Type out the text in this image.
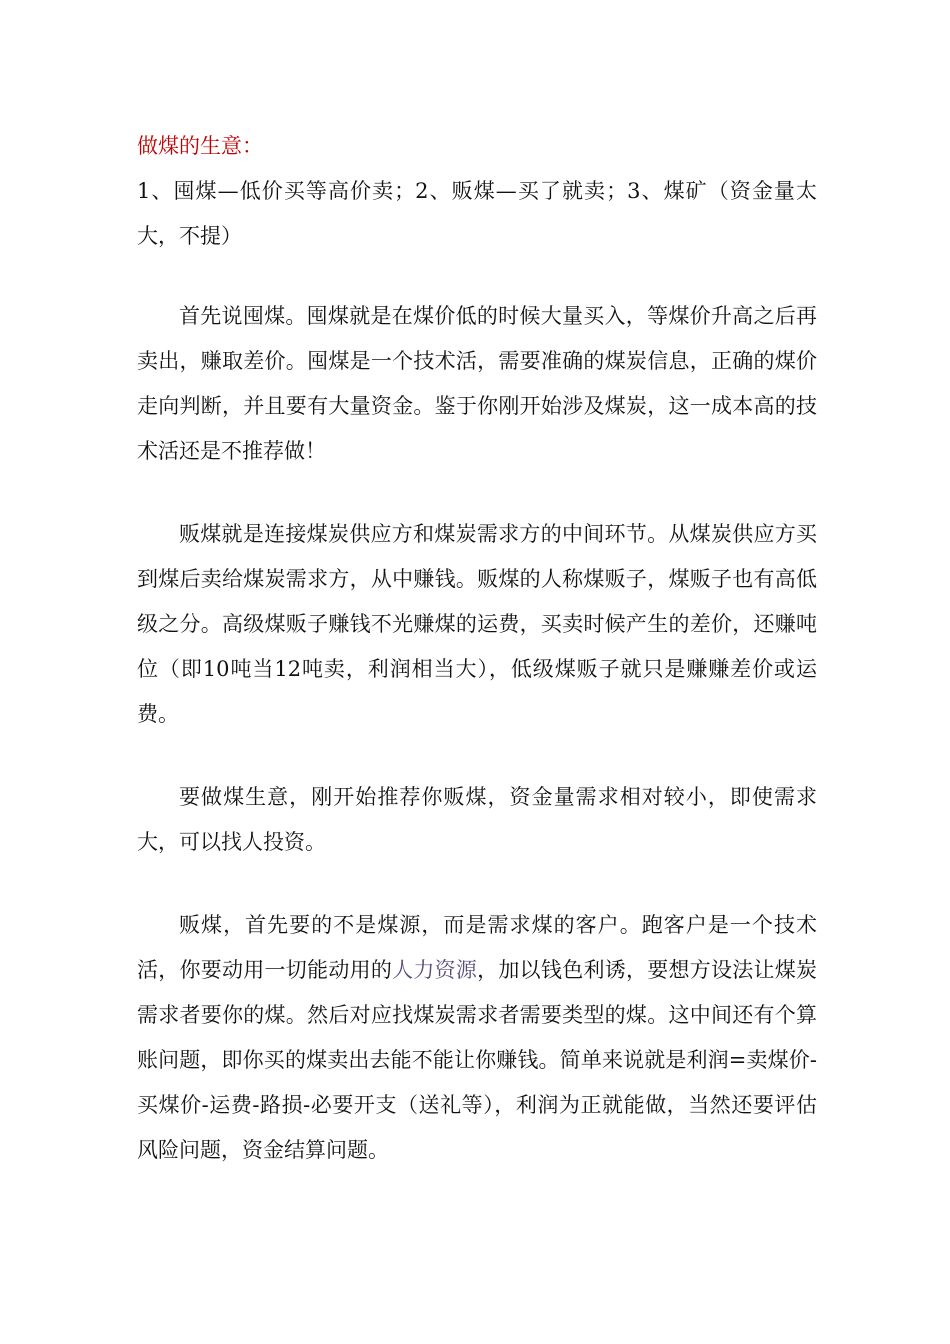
做煤的生意：

1、囤煤—低价买等高价卖；2、贩煤—买了就卖；3、煤矿（资金量太大，不提）

首先说囤煤。囤煤就是在煤价低的时候大量买入，等煤价升高之后再卖出，赚取差价。囤煤是一个技术活，需要准确的煤炭信息，正确的煤价走向判断，并且要有大量资金。鉴于你刚开始涉及煤炭，这一成本高的技术活还是不推荐做！

贩煤就是连接煤炭供应方和煤炭需求方的中间环节。从煤炭供应方买到煤后卖给煤炭需求方，从中赚钱。贩煤的人称煤贩子，煤贩子也有高低级之分。高级煤贩子赚钱不光赚煤的运费，买卖时候产生的差价，还赚吨位（即10吨当12吨卖，利润相当大），低级煤贩子就只是赚赚差价或运费。

要做煤生意，刚开始推荐你贩煤，资金量需求相对较小，即使需求大，可以找人投资。

贩煤，首先要的不是煤源，而是需求煤的客户。跑客户是一个技术活，你要动用一切能动用的人力资源，加以钱色利诱，要想方设法让煤炭需求者要你的煤。然后对应找煤炭需求者需要类型的煤。这中间还有个算账问题，即你买的煤卖出去能不能让你赚钱。简单来说就是利润=卖煤价-买煤价-运费-路损-必要开支（送礼等），利润为正就能做，当然还要评估风险问题，资金结算问题。
